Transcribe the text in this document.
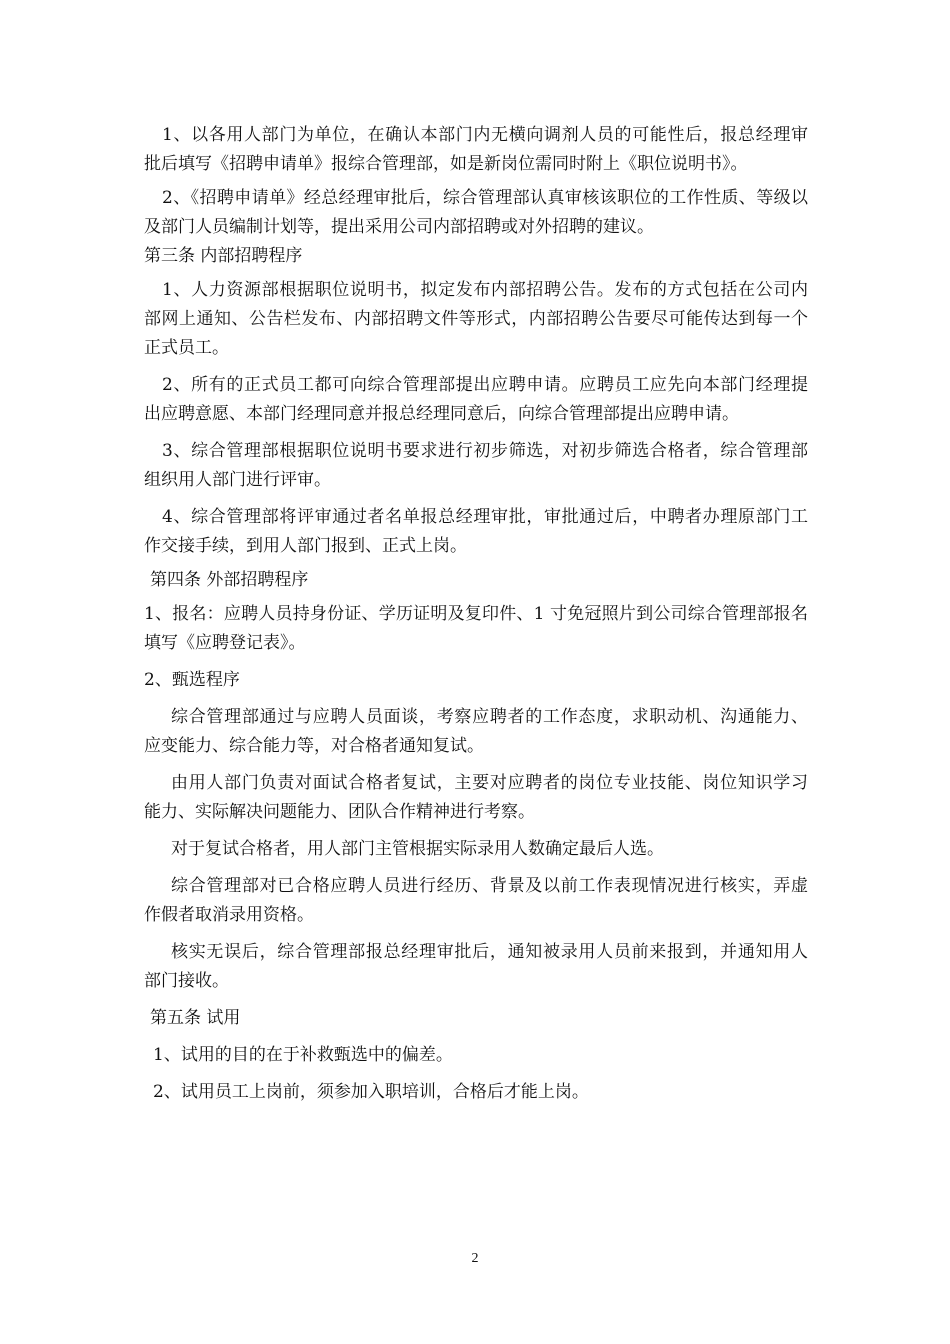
1、以各用人部门为单位，在确认本部门内无横向调剂人员的可能性后，报总经理审

批后填写《招聘申请单》报综合管理部，如是新岗位需同时附上《职位说明书》。

2、《招聘申请单》经总经理审批后，综合管理部认真审核该职位的工作性质、等级以

及部门人员编制计划等，提出采用公司内部招聘或对外招聘的建议。

第三条 内部招聘程序

1、人力资源部根据职位说明书，拟定发布内部招聘公告。发布的方式包括在公司内

部网上通知、公告栏发布、内部招聘文件等形式，内部招聘公告要尽可能传达到每一个

正式员工。

2、所有的正式员工都可向综合管理部提出应聘申请。应聘员工应先向本部门经理提

出应聘意愿、本部门经理同意并报总经理同意后，向综合管理部提出应聘申请。

3、综合管理部根据职位说明书要求进行初步筛选，对初步筛选合格者，综合管理部

组织用人部门进行评审。

4、综合管理部将评审通过者名单报总经理审批，审批通过后，中聘者办理原部门工

作交接手续，到用人部门报到、正式上岗。

第四条 外部招聘程序

1、报名：应聘人员持身份证、学历证明及复印件、1 寸免冠照片到公司综合管理部报名

填写《应聘登记表》。

2、甄选程序

综合管理部通过与应聘人员面谈，考察应聘者的工作态度，求职动机、沟通能力、

应变能力、综合能力等，对合格者通知复试。

由用人部门负责对面试合格者复试，主要对应聘者的岗位专业技能、岗位知识学习

能力、实际解决问题能力、团队合作精神进行考察。

对于复试合格者，用人部门主管根据实际录用人数确定最后人选。

综合管理部对已合格应聘人员进行经历、背景及以前工作表现情况进行核实，弄虚

作假者取消录用资格。

核实无误后，综合管理部报总经理审批后，通知被录用人员前来报到，并通知用人

部门接收。

第五条 试用

1、试用的目的在于补救甄选中的偏差。

2、试用员工上岗前，须参加入职培训，合格后才能上岗。

2
